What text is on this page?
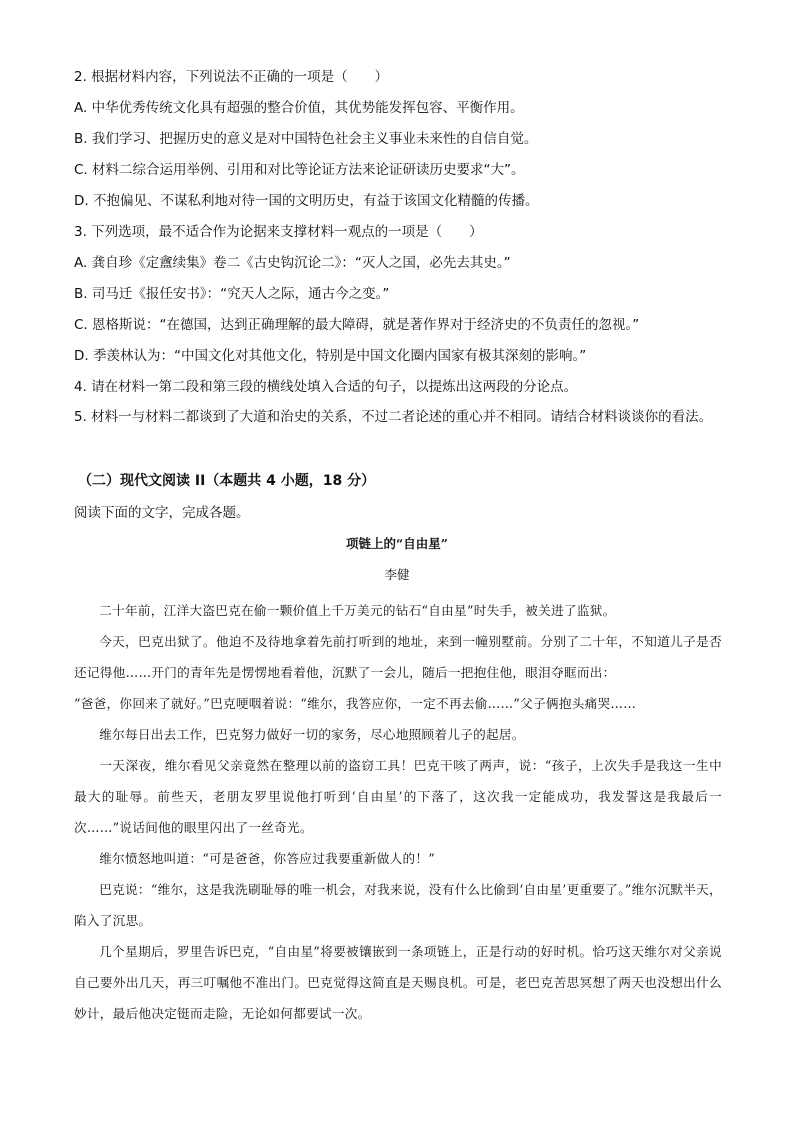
2. 根据材料内容，下列说法不正确的一项是（　　）
A. 中华优秀传统文化具有超强的整合价值，其优势能发挥包容、平衡作用。
B. 我们学习、把握历史的意义是对中国特色社会主义事业未来性的自信自觉。
C. 材料二综合运用举例、引用和对比等论证方法来论证研读历史要求“大”。
D. 不抱偏见、不谋私利地对待一国的文明历史，有益于该国文化精髓的传播。
3. 下列选项，最不适合作为论据来支撑材料一观点的一项是（　　）
A. 龚自珍《定盦续集》卷二《古史钩沉论二》：“灭人之国，必先去其史。”
B. 司马迁《报任安书》：“究天人之际，通古今之变。”
C. 恩格斯说：“在德国，达到正确理解的最大障碍，就是著作界对于经济史的不负责任的忽视。”
D. 季羡林认为：“中国文化对其他文化，特别是中国文化圈内国家有极其深刻的影响。”
4. 请在材料一第二段和第三段的横线处填入合适的句子，以提炼出这两段的分论点。
5. 材料一与材料二都谈到了大道和治史的关系，不过二者论述的重心并不相同。请结合材料谈谈你的看法。
（二）现代文阅读 II（本题共 4 小题，18 分）
阅读下面的文字，完成各题。
项链上的“自由星”
李健
二十年前，江洋大盗巴克在偷一颗价值上千万美元的钻石“自由星”时失手，被关进了监狱。
今天，巴克出狱了。他迫不及待地拿着先前打听到的地址，来到一幢别墅前。分别了二十年，不知道儿子是否还记得他……开门的青年先是愣愣地看着他，沉默了一会儿，随后一把抱住他，眼泪夺眶而出：
“爸爸，你回来了就好。”巴克哽咽着说：“维尔，我答应你，一定不再去偷……”父子俩抱头痛哭……
维尔每日出去工作，巴克努力做好一切的家务，尽心地照顾着儿子的起居。
一天深夜，维尔看见父亲竟然在整理以前的盗窃工具！巴克干咳了两声，说：“孩子，上次失手是我这一生中最大的耻辱。前些天，老朋友罗里说他打听到‘自由星’的下落了，这次我一定能成功，我发誓这是我最后一次……”说话间他的眼里闪出了一丝奇光。
维尔愤怒地叫道：“可是爸爸，你答应过我要重新做人的！”
巴克说：“维尔，这是我洗刷耻辱的唯一机会，对我来说，没有什么比偷到‘自由星’更重要了。”维尔沉默半天，陷入了沉思。
几个星期后，罗里告诉巴克，“自由星”将要被镶嵌到一条项链上，正是行动的好时机。恰巧这天维尔对父亲说自己要外出几天，再三叮嘱他不准出门。巴克觉得这简直是天赐良机。可是，老巴克苦思冥想了两天也没想出什么妙计，最后他决定铤而走险，无论如何都要试一次。
